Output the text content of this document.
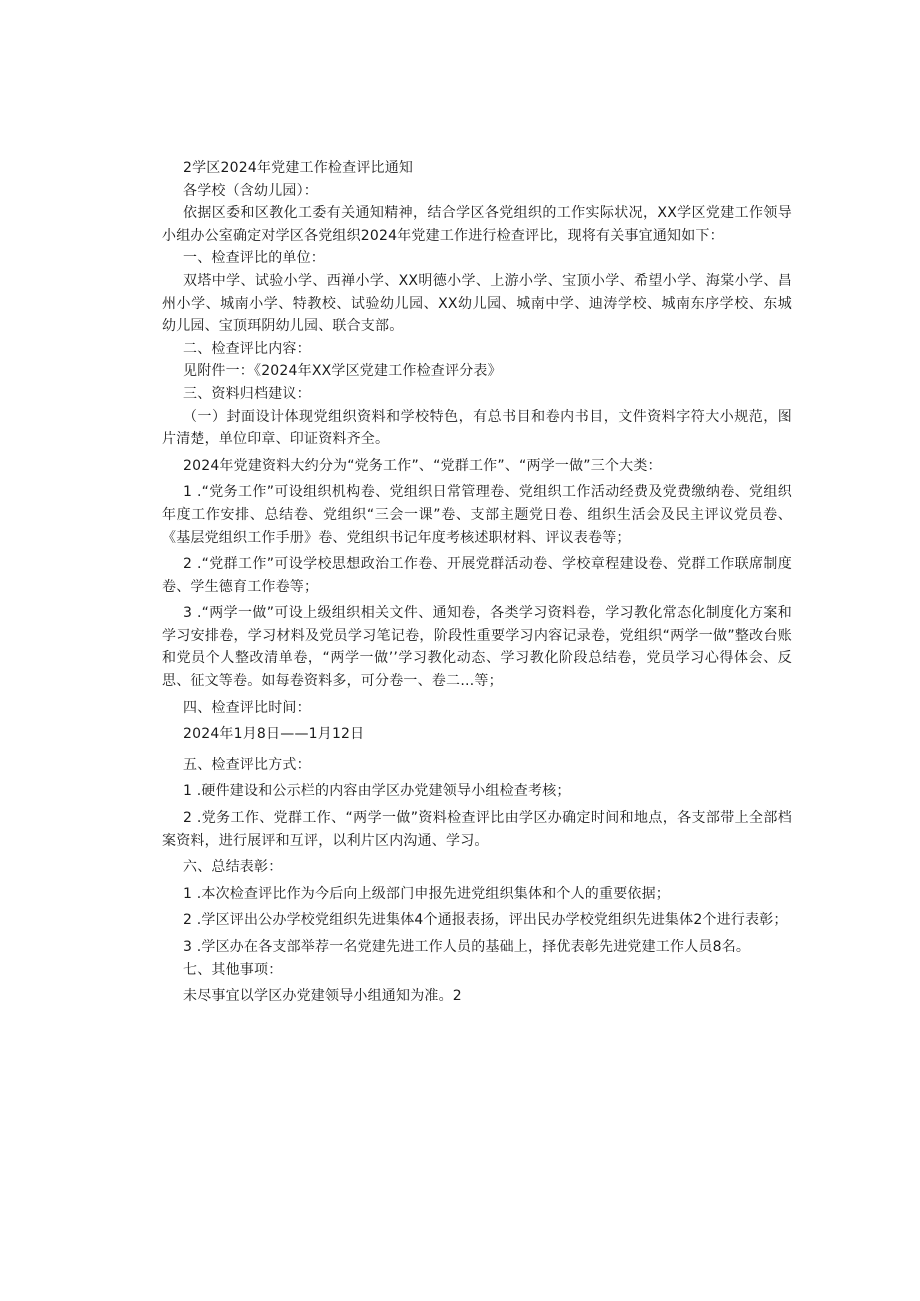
2学区2024年党建工作检查评比通知

各学校（含幼儿园）：

依据区委和区教化工委有关通知精神，结合学区各党组织的工作实际状况，XX学区党建工作领导小组办公室确定对学区各党组织2024年党建工作进行检查评比，现将有关事宜通知如下：

一、检查评比的单位：

双塔中学、试验小学、西禅小学、XX明德小学、上游小学、宝顶小学、希望小学、海棠小学、昌州小学、城南小学、特教校、试验幼儿园、XX幼儿园、城南中学、迪涛学校、城南东序学校、东城幼儿园、宝顶珥阴幼儿园、联合支部。

二、检查评比内容：

见附件一：《2024年XX学区党建工作检查评分表》

三、资料归档建议：

（一）封面设计体现党组织资料和学校特色，有总书目和卷内书目，文件资料字符大小规范，图片清楚，单位印章、印证资料齐全。

2024年党建资料大约分为“党务工作”、“党群工作”、“两学一做”三个大类：

1 .“党务工作”可设组织机构卷、党组织日常管理卷、党组织工作活动经费及党费缴纳卷、党组织年度工作安排、总结卷、党组织“三会一课”卷、支部主题党日卷、组织生活会及民主评议党员卷、《基层党组织工作手册》卷、党组织书记年度考核述职材料、评议表卷等；

2 .“党群工作”可设学校思想政治工作卷、开展党群活动卷、学校章程建设卷、党群工作联席制度卷、学生德育工作卷等；

3 .“两学一做”可设上级组织相关文件、通知卷，各类学习资料卷，学习教化常态化制度化方案和学习安排卷，学习材料及党员学习笔记卷，阶段性重要学习内容记录卷，党组织“两学一做”整改台账和党员个人整改清单卷，“两学一做’’学习教化动态、学习教化阶段总结卷，党员学习心得体会、反思、征文等卷。如每卷资料多，可分卷一、卷二…等；

四、检查评比时间：

2024年1月8日——1月12日

五、检查评比方式：

1 .硬件建设和公示栏的内容由学区办党建领导小组检查考核；

2 .党务工作、党群工作、“两学一做”资料检查评比由学区办确定时间和地点，各支部带上全部档案资料，进行展评和互评，以利片区内沟通、学习。

六、总结表彰：

1 .本次检查评比作为今后向上级部门申报先进党组织集体和个人的重要依据；

2 .学区评出公办学校党组织先进集体4个通报表扬，评出民办学校党组织先进集体2个进行表彰；

3 .学区办在各支部举荐一名党建先进工作人员的基础上，择优表彰先进党建工作人员8名。

七、其他事项：

未尽事宜以学区办党建领导小组通知为准。2
